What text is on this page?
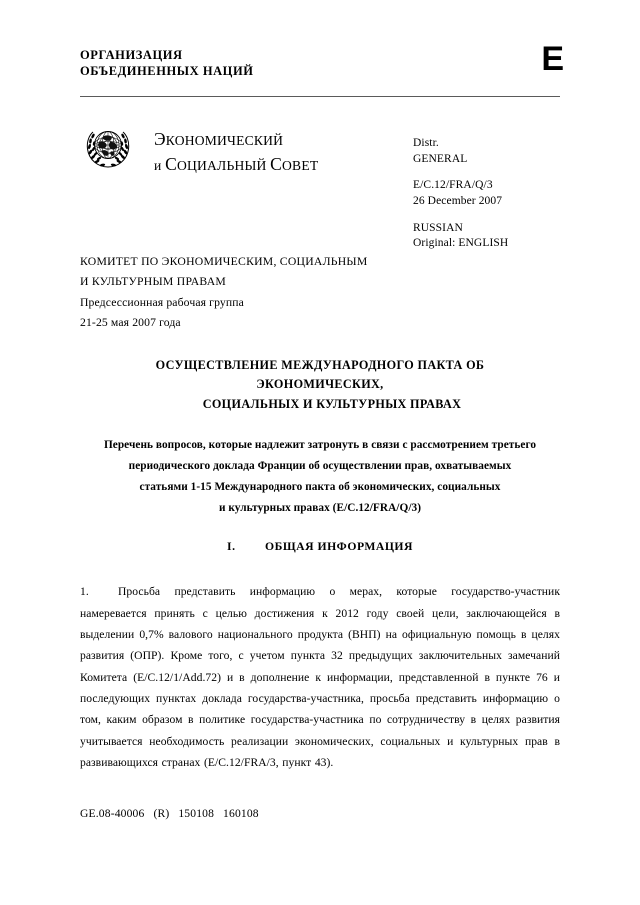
ОРГАНИЗАЦИЯ
ОБЪЕДИНЕННЫХ НАЦИЙ	E
ЭКОНОМИЧЕСКИЙ
и СОЦИАЛЬНЫЙ СОВЕТ
Distr.
GENERAL
E/C.12/FRA/Q/3
26 December 2007
RUSSIAN
Original: ENGLISH
КОМИТЕТ ПО ЭКОНОМИЧЕСКИМ, СОЦИАЛЬНЫМ
И КУЛЬТУРНЫМ ПРАВАМ
Предсессионная рабочая группа
21-25 мая 2007 года
ОСУЩЕСТВЛЕНИЕ МЕЖДУНАРОДНОГО ПАКТА ОБ ЭКОНОМИЧЕСКИХ,
СОЦИАЛЬНЫХ И КУЛЬТУРНЫХ ПРАВАХ
Перечень вопросов, которые надлежит затронуть в связи с рассмотрением третьего
периодического доклада Франции об осуществлении прав, охватываемых
статьями 1-15 Международного пакта об экономических, социальных
и культурных правах (E/C.12/FRA/Q/3)
I.	ОБЩАЯ ИНФОРМАЦИЯ
1.	Просьба представить информацию о мерах, которые государство-участник намеревается принять с целью достижения к 2012 году своей цели, заключающейся в выделении 0,7% валового национального продукта (ВНП) на официальную помощь в целях развития (ОПР). Кроме того, с учетом пункта 32 предыдущих заключительных замечаний Комитета (E/C.12/1/Add.72) и в дополнение к информации, представленной в пункте 76 и последующих пунктах доклада государства-участника, просьба представить информацию о том, каким образом в политике государства-участника по сотрудничеству в целях развития учитывается необходимость реализации экономических, социальных и культурных прав в развивающихся странах (E/C.12/FRA/3, пункт 43).
GE.08-40006 (R) 150108 160108
